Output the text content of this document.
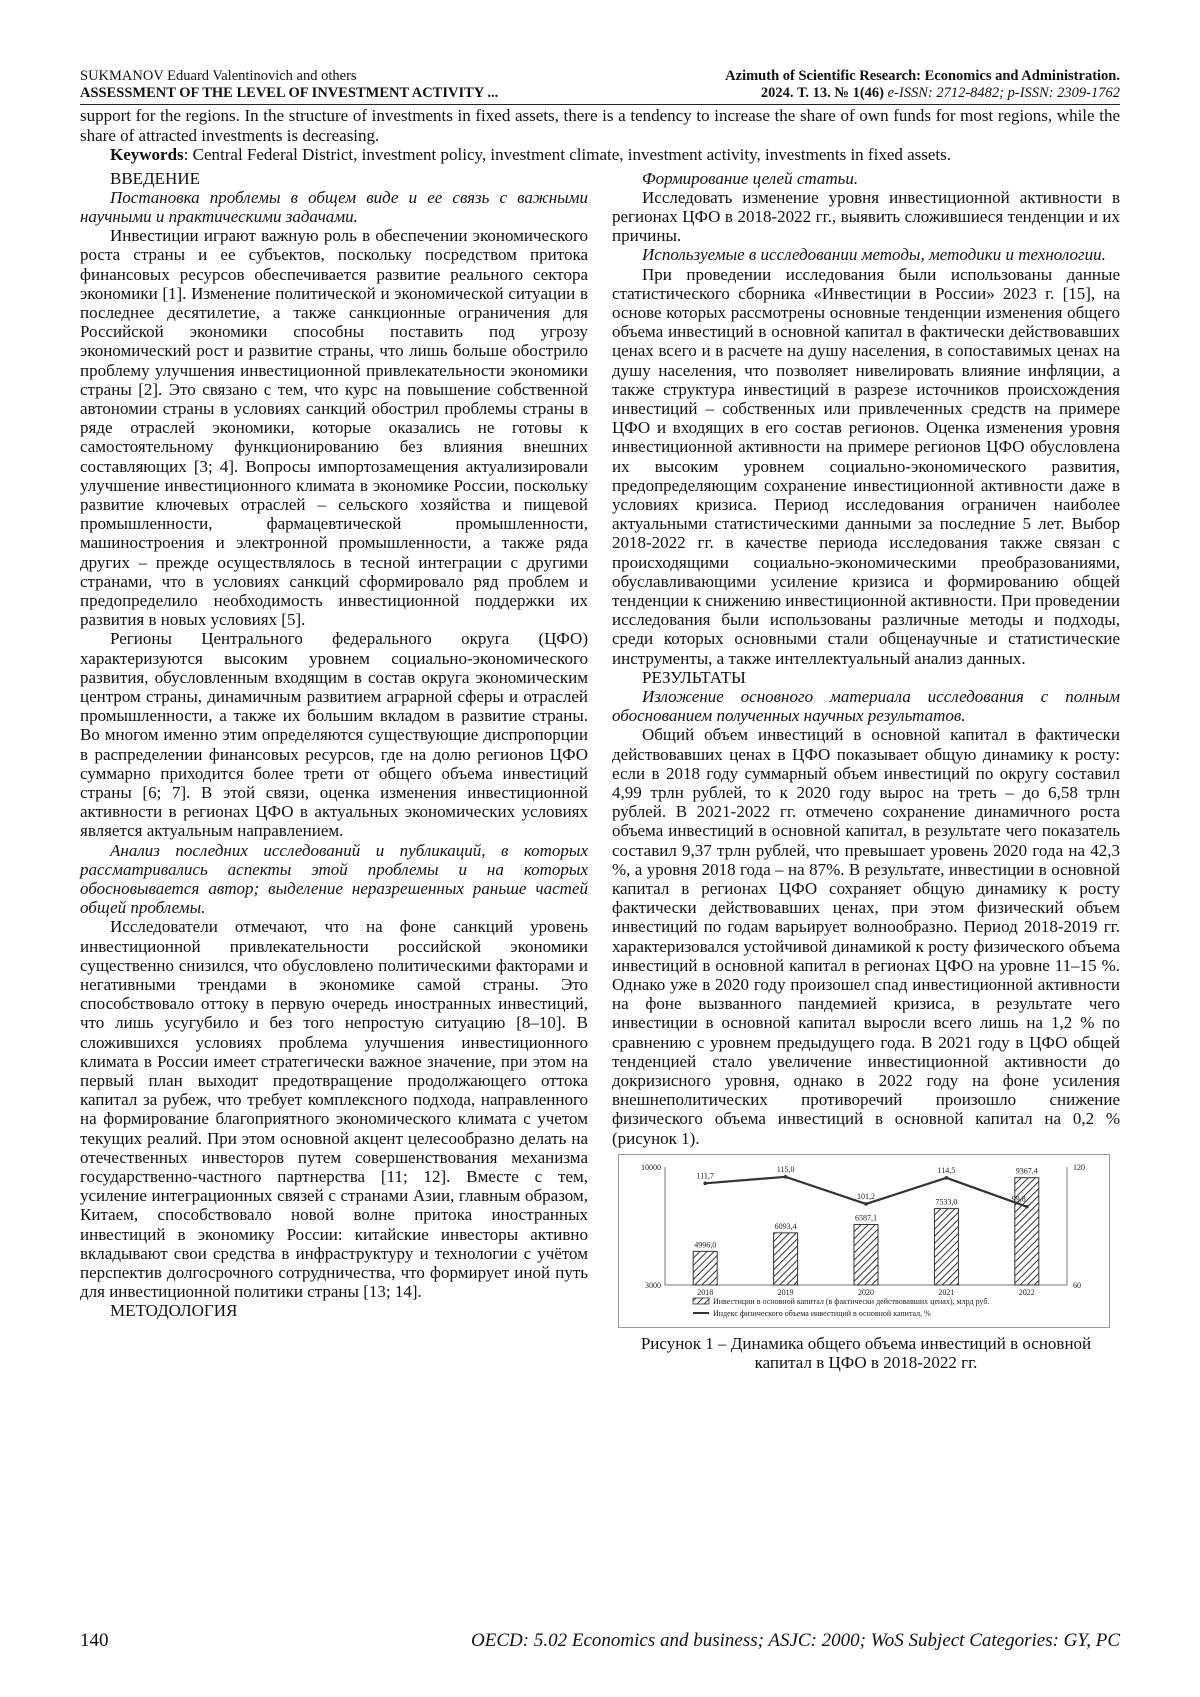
SUKMANOV Eduard Valentinovich and others
ASSESSMENT OF THE LEVEL OF INVESTMENT ACTIVITY ...
Azimuth of Scientific Research: Economics and Administration.
2024. Т. 13. № 1(46) e-ISSN: 2712-8482; p-ISSN: 2309-1762

support for the regions. In the structure of investments in fixed assets, there is a tendency to increase the share of own funds for most regions, while the share of attracted investments is decreasing.

Keywords: Central Federal District, investment policy, investment climate, investment activity, investments in fixed assets.

ВВЕДЕНИЕ

Постановка проблемы в общем виде и ее связь с важными научными и практическими задачами.

Инвестиции играют важную роль в обеспечении экономического роста страны и ее субъектов, поскольку посредством притока финансовых ресурсов обеспечивается развитие реального сектора экономики [1]. Изменение политической и экономической ситуации в последнее десятилетие, а также санкционные ограничения для Российской экономики способны поставить под угрозу экономический рост и развитие страны, что лишь больше обострило проблему улучшения инвестиционной привлекательности экономики страны [2]. Это связано с тем, что курс на повышение собственной автономии страны в условиях санкций обострил проблемы страны в ряде отраслей экономики, которые оказались не готовы к самостоятельному функционированию без влияния внешних составляющих [3; 4]. Вопросы импортозамещения актуализировали улучшение инвестиционного климата в экономике России, поскольку развитие ключевых отраслей – сельского хозяйства и пищевой промышленности, фармацевтической промышленности, машиностроения и электронной промышленности, а также ряда других – прежде осуществлялось в тесной интеграции с другими странами, что в условиях санкций сформировало ряд проблем и предопределило необходимость инвестиционной поддержки их развития в новых условиях [5].

Регионы Центрального федерального округа (ЦФО) характеризуются высоким уровнем социально-экономического развития, обусловленным входящим в состав округа экономическим центром страны, динамичным развитием аграрной сферы и отраслей промышленности, а также их большим вкладом в развитие страны. Во многом именно этим определяются существующие диспропорции в распределении финансовых ресурсов, где на долю регионов ЦФО суммарно приходится более трети от общего объема инвестиций страны [6; 7]. В этой связи, оценка изменения инвестиционной активности в регионах ЦФО в актуальных экономических условиях является актуальным направлением.

Анализ последних исследований и публикаций, в которых рассматривались аспекты этой проблемы и на которых обосновывается автор; выделение неразрешенных раньше частей общей проблемы.

Исследователи отмечают, что на фоне санкций уровень инвестиционной привлекательности российской экономики существенно снизился, что обусловлено политическими факторами и негативными трендами в экономике самой страны. Это способствовало оттоку в первую очередь иностранных инвестиций, что лишь усугубило и без того непростую ситуацию [8–10]. В сложившихся условиях проблема улучшения инвестиционного климата в России имеет стратегически важное значение, при этом на первый план выходит предотвращение продолжающего оттока капитал за рубеж, что требует комплексного подхода, направленного на формирование благоприятного экономического климата с учетом текущих реалий. При этом основной акцент целесообразно делать на отечественных инвесторов путем совершенствования механизма государственно-частного партнерства [11; 12]. Вместе с тем, усиление интеграционных связей с странами Азии, главным образом, Китаем, способствовало новой волне притока иностранных инвестиций в экономику России: китайские инвесторы активно вкладывают свои средства в инфраструктуру и технологии с учётом перспектив долгосрочного сотрудничества, что формирует иной путь для инвестиционной политики страны [13; 14].

МЕТОДОЛОГИЯ

Формирование целей статьи.

Исследовать изменение уровня инвестиционной активности в регионах ЦФО в 2018-2022 гг., выявить сложившиеся тенденции и их причины.

Используемые в исследовании методы, методики и технологии.

При проведении исследования были использованы данные статистического сборника «Инвестиции в России» 2023 г. [15], на основе которых рассмотрены основные тенденции изменения общего объема инвестиций в основной капитал в фактически действовавших ценах всего и в расчете на душу населения, в сопоставимых ценах на душу населения, что позволяет нивелировать влияние инфляции, а также структура инвестиций в разрезе источников происхождения инвестиций – собственных или привлеченных средств на примере ЦФО и входящих в его состав регионов. Оценка изменения уровня инвестиционной активности на примере регионов ЦФО обусловлена их высоким уровнем социально-экономического развития, предопределяющим сохранение инвестиционной активности даже в условиях кризиса. Период исследования ограничен наиболее актуальными статистическими данными за последние 5 лет. Выбор 2018-2022 гг. в качестве периода исследования также связан с происходящими социально-экономическими преобразованиями, обуславливающими усиление кризиса и формированию общей тенденции к снижению инвестиционной активности. При проведении исследования были использованы различные методы и подходы, среди которых основными стали общенаучные и статистические инструменты, а также интеллектуальный анализ данных.

РЕЗУЛЬТАТЫ

Изложение основного материала исследования с полным обоснованием полученных научных результатов.

Общий объем инвестиций в основной капитал в фактически действовавших ценах в ЦФО показывает общую динамику к росту: если в 2018 году суммарный объем инвестиций по округу составил 4,99 трлн рублей, то к 2020 году вырос на треть – до 6,58 трлн рублей. В 2021-2022 гг. отмечено сохранение динамичного роста объема инвестиций в основной капитал, в результате чего показатель составил 9,37 трлн рублей, что превышает уровень 2020 года на 42,3 %, а уровня 2018 года – на 87%. В результате, инвестиции в основной капитал в регионах ЦФО сохраняет общую динамику к росту фактически действовавших ценах, при этом физический объем инвестиций по годам варьирует волнообразно. Период 2018-2019 гг. характеризовался устойчивой динамикой к росту физического объема инвестиций в основной капитал в регионах ЦФО на уровне 11–15 %. Однако уже в 2020 году произошел спад инвестиционной активности на фоне вызванного пандемией кризиса, в результате чего инвестиции в основной капитал выросли всего лишь на 1,2 % по сравнению с уровнем предыдущего года. В 2021 году в ЦФО общей тенденцией стало увеличение инвестиционной активности до докризисного уровня, однако в 2022 году на фоне усиления внешнеполитических противоречий произошло снижение физического объема инвестиций в основной капитал на 0,2 % (рисунок 1).

10000
3000
120
60
4996,0
2018
6093,4
2019
6587,1
2020
7533,0
2021
9367,4
2022
111,7
115,0
101,2
114,5
99,8
Инвестиции в основной капитал (в фактически действовавших ценах), млрд руб.
Индекс физического объема инвестиций в основной капитал, %
Рисунок 1 – Динамика общего объема инвестиций в основной капитал в ЦФО в 2018-2022 гг.
140	OECD: 5.02 Economics and business; ASJC: 2000; WoS Subject Categories: GY, PC
